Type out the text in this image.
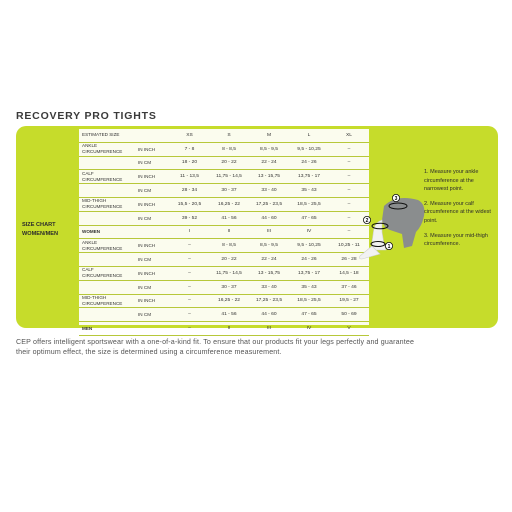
RECOVERY PRO TIGHTS
SIZE CHART WOMEN/MEN
ESTIMATED SIZE		XS	S	M	L	XL
ANKLE CIRCUMFERENCE	IN INCH	7 - 8	8 - 8,5	8,5 - 9,5	9,5 - 10,25	–
	IN CM	18 - 20	20 - 22	22 - 24	24 - 26	–
CALF CIRCUMFERENCE	IN INCH	11 - 13,5	11,75 - 14,5	13 - 15,75	13,75 - 17	–
	IN CM	28 - 34	30 - 37	33 - 40	35 - 43	–
MID-THIGH CIRCUMFERENCE	IN INCH	15,5 - 20,5	16,25 - 22	17,25 - 23,5	18,5 - 25,5	–
	IN CM	39 - 52	41 - 56	44 - 60	47 - 65	–
WOMEN		I	II	III	IV	–
ANKLE CIRCUMFERENCE	IN INCH	–	8 - 8,5	8,5 - 9,5	9,5 - 10,25	10,25 - 11
	IN CM	–	20 - 22	22 - 24	24 - 26	26 - 28
CALF CIRCUMFERENCE	IN INCH	–	11,75 - 14,5	13 - 15,75	13,75 - 17	14,5 - 18
	IN CM	–	30 - 37	33 - 40	35 - 43	37 - 46
MID-THIGH CIRCUMFERENCE	IN INCH	–	16,25 - 22	17,25 - 23,5	18,5 - 25,5	19,5 - 27
	IN CM	–	41 - 56	44 - 60	47 - 65	50 - 69
MEN		–	II	III	IV	V
3
2
1

1. Measure your ankle circumference at the narrowest point.

2. Measure your calf circumference at the widest point.

3. Measure your mid-thigh circumference.

CEP offers intelligent sportswear with a one-of-a-kind fit. To ensure that our products fit your legs perfectly and guarantee their optimum effect, the size is determined using a circumference measurement.
